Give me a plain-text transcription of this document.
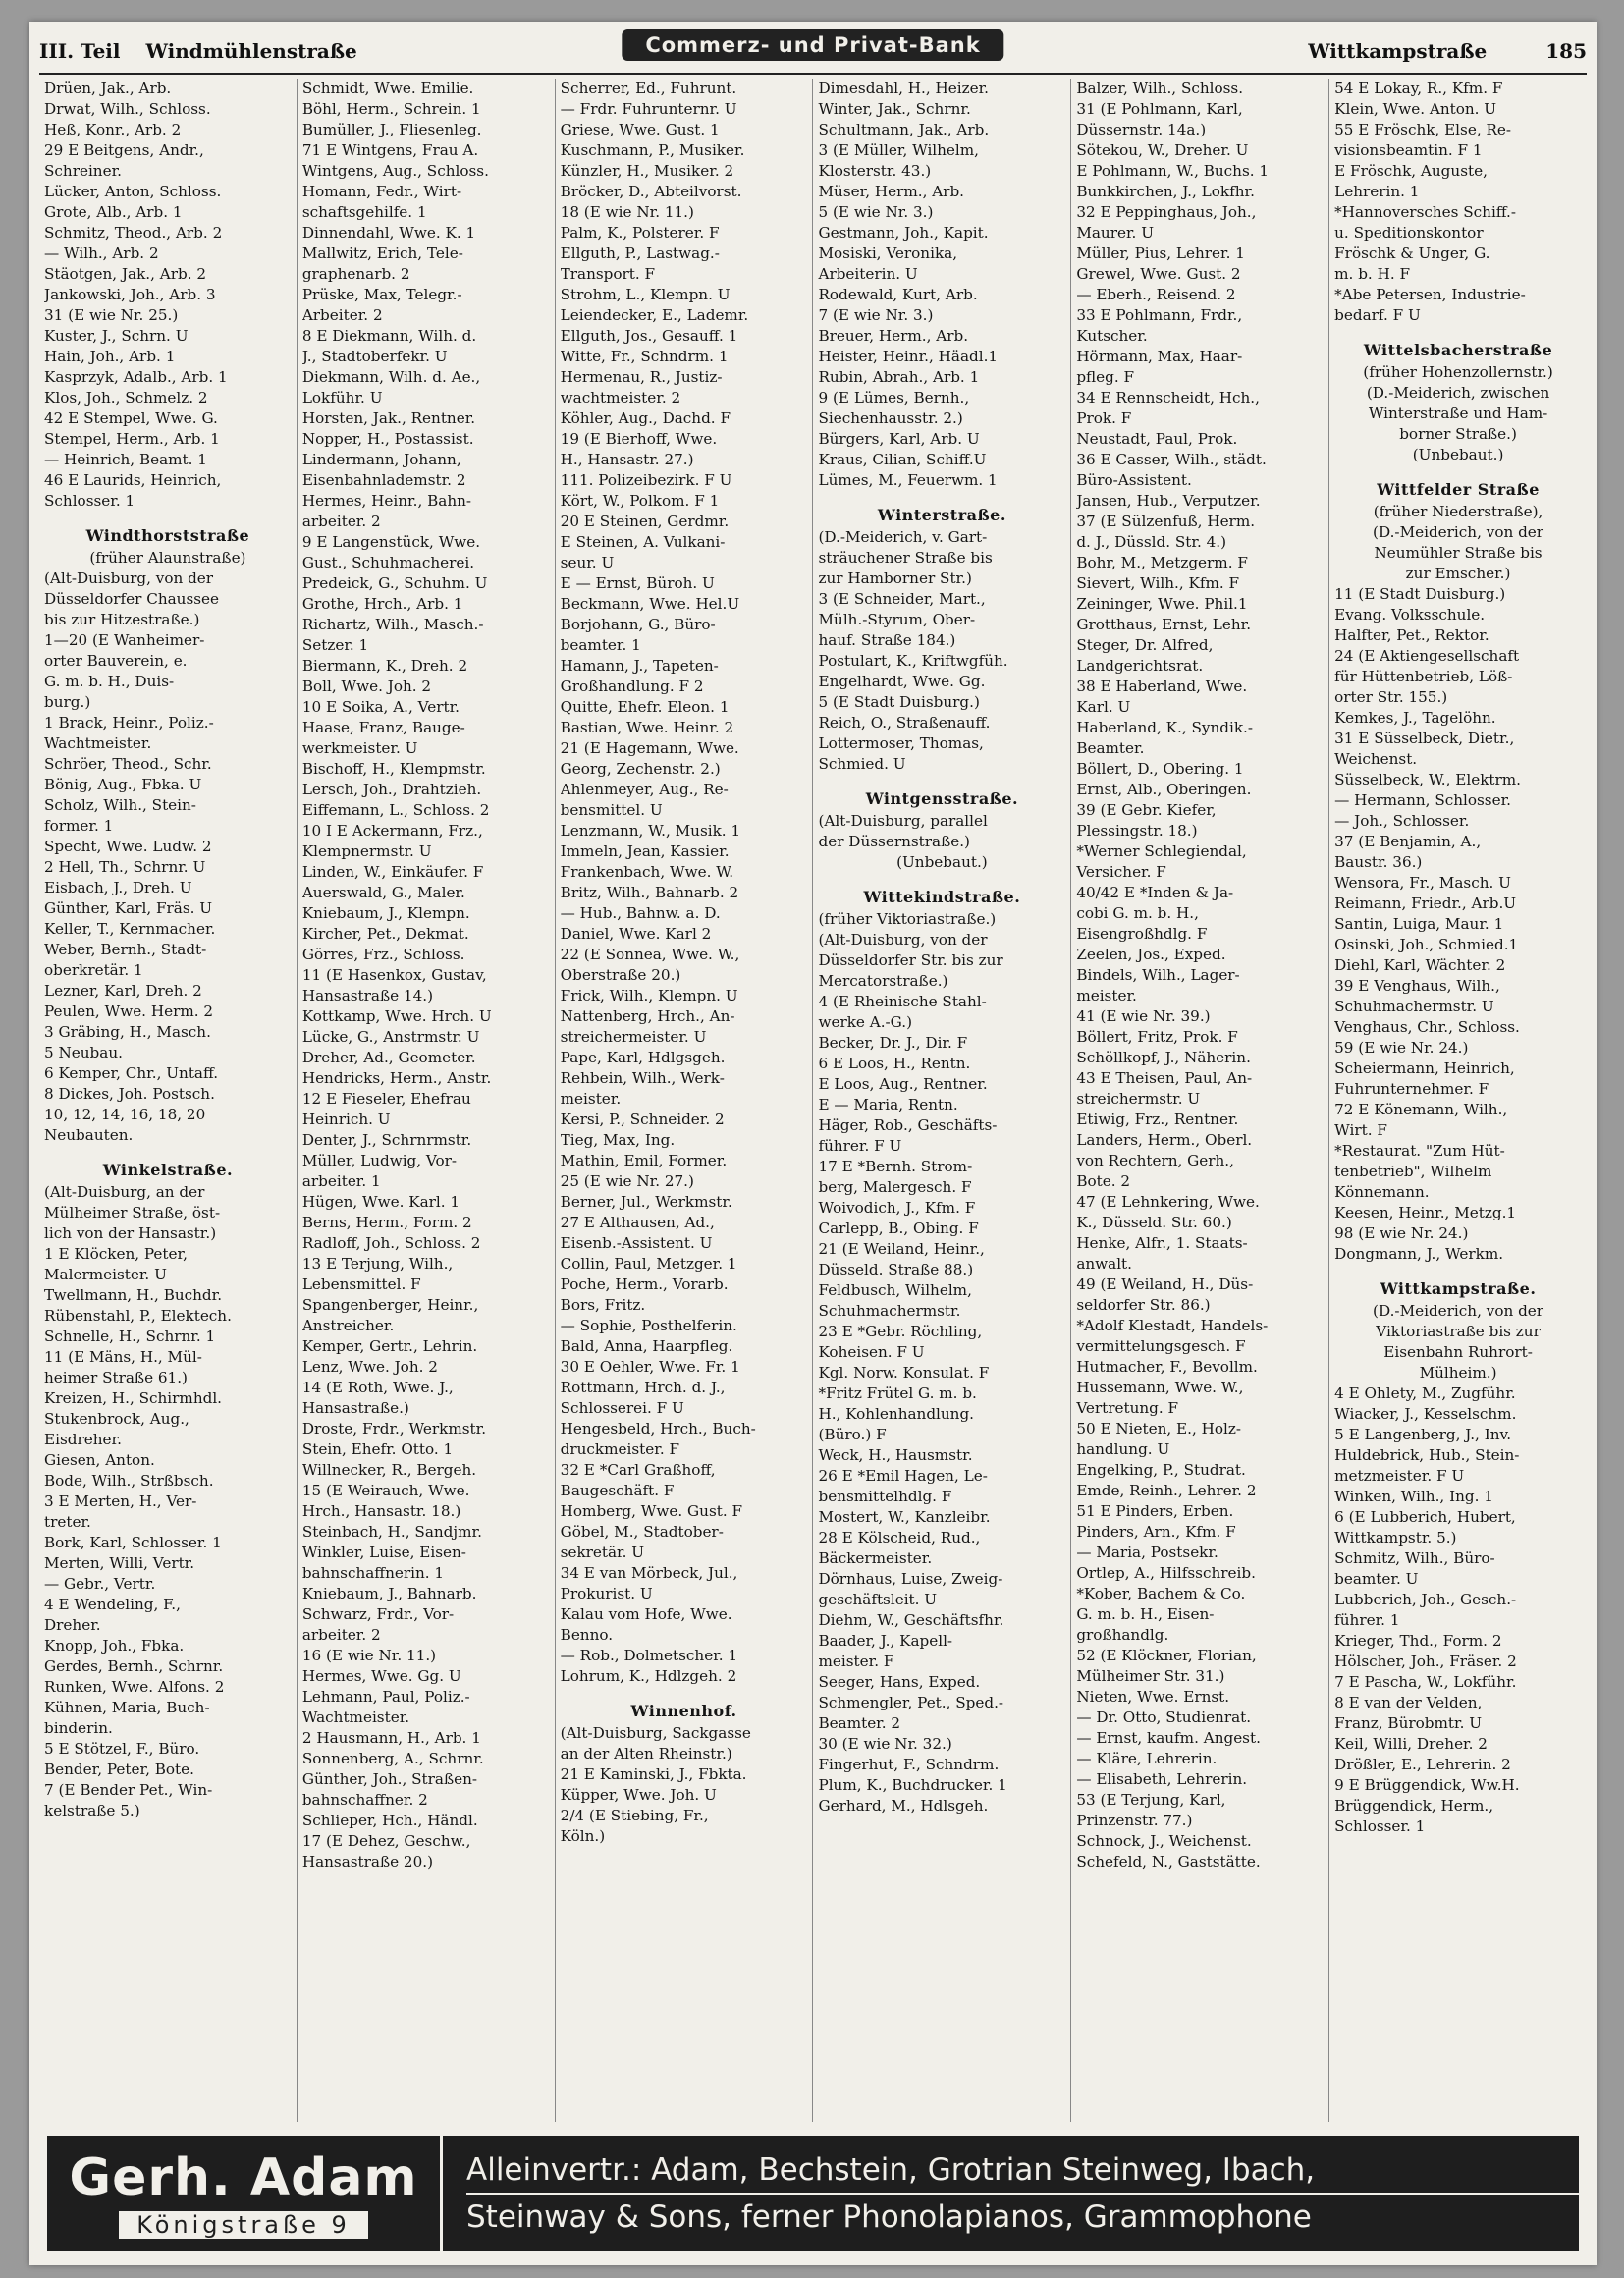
III. Teil Windmühlenstraße	Commerz- und Privat-Bank	Wittkampstraße	185
Drüen, Jak., Arb.
Drwat, Wilh., Schloss.
Heß, Konr., Arb. 2
29 E Beitgens, Andr.,
Schreiner.
Lücker, Anton, Schloss.
Grote, Alb., Arb. 1
Schmitz, Theod., Arb. 2
— Wilh., Arb. 2
Stäotgen, Jak., Arb. 2
Jankowski, Joh., Arb. 3
31 (E wie Nr. 25.)
Kuster, J., Schrn. U
Hain, Joh., Arb. 1
Kasprzyk, Adalb., Arb. 1
Klos, Joh., Schmelz. 2
42 E Stempel, Wwe. G.
Stempel, Herm., Arb. 1
— Heinrich, Beamt. 1
46 E Laurids, Heinrich,
Schlosser. 1
Windthorststraße
(früher Alaunstraße)
(Alt-Duisburg, von der
Düsseldorfer Chaussee
bis zur Hitzestraße.)
1—20 (E Wanheimer-
orter Bauverein, e.
G. m. b. H., Duis-
burg.)
1 Brack, Heinr., Poliz.-
Wachtmeister.
Schröer, Theod., Schr.
Bönig, Aug., Fbka. U
Scholz, Wilh., Stein-
former. 1
Specht, Wwe. Ludw. 2
2 Hell, Th., Schrnr. U
Eisbach, J., Dreh. U
Günther, Karl, Fräs. U
Keller, T., Kernmacher.
Weber, Bernh., Stadt-
oberkretär. 1
Lezner, Karl, Dreh. 2
Peulen, Wwe. Herm. 2
3 Gräbing, H., Masch.
5 Neubau.
6 Kemper, Chr., Untaff.
8 Dickes, Joh. Postsch.
10, 12, 14, 16, 18, 20
Neubauten.
Winkelstraße.
(Alt-Duisburg, an der
Mülheimer Straße, öst-
lich von der Hansastr.)
1 E Klöcken, Peter,
Malermeister. U
Twellmann, H., Buchdr.
Rübenstahl, P., Elektech.
Schnelle, H., Schrnr. 1
11 (E Mäns, H., Mül-
heimer Straße 61.)
Kreizen, H., Schirmhdl.
Stukenbrock, Aug.,
Eisdreher.
Giesen, Anton.
Bode, Wilh., Strßbsch.
3 E Merten, H., Ver-
treter.
Bork, Karl, Schlosser. 1
Merten, Willi, Vertr.
— Gebr., Vertr.
4 E Wendeling, F.,
Dreher.
Knopp, Joh., Fbka.
Gerdes, Bernh., Schrnr.
Runken, Wwe. Alfons. 2
Kühnen, Maria, Buch-
binderin.
5 E Stötzel, F., Büro.
Bender, Peter, Bote.
7 (E Bender Pet., Win-
kelstraße 5.)
Schmidt, Wwe. Emilie.
Böhl, Herm., Schrein. 1
Bumüller, J., Fliesenleg.
71 E Wintgens, Frau A.
Wintgens, Aug., Schloss.
Homann, Fedr., Wirt-
schaftsgehilfe. 1
Dinnendahl, Wwe. K. 1
Mallwitz, Erich, Tele-
graphenarb. 2
Prüske, Max, Telegr.-
Arbeiter. 2
8 E Diekmann, Wilh. d.
J., Stadtoberfekr. U
Diekmann, Wilh. d. Ae.,
Lokführ. U
Horsten, Jak., Rentner.
Nopper, H., Postassist.
Lindermann, Johann,
Eisenbahnlademstr. 2
Hermes, Heinr., Bahn-
arbeiter. 2
9 E Langenstück, Wwe.
Gust., Schuhmacherei.
Predeick, G., Schuhm. U
Grothe, Hrch., Arb. 1
Richartz, Wilh., Masch.-
Setzer. 1
Biermann, K., Dreh. 2
Boll, Wwe. Joh. 2
10 E Soika, A., Vertr.
Haase, Franz, Bauge-
werkmeister. U
Bischoff, H., Klempmstr.
Lersch, Joh., Drahtzieh.
Eiffemann, L., Schloss. 2
10 I E Ackermann, Frz.,
Klempnermstr. U
Linden, W., Einkäufer. F
Auerswald, G., Maler.
Kniebaum, J., Klempn.
Kircher, Pet., Dekmat.
Görres, Frz., Schloss.
11 (E Hasenkox, Gustav,
Hansastraße 14.)
Kottkamp, Wwe. Hrch. U
Lücke, G., Anstrmstr. U
Dreher, Ad., Geometer.
Hendricks, Herm., Anstr.
12 E Fieseler, Ehefrau
Heinrich. U
Denter, J., Schrnrmstr.
Müller, Ludwig, Vor-
arbeiter. 1
Hügen, Wwe. Karl. 1
Berns, Herm., Form. 2
Radloff, Joh., Schloss. 2
13 E Terjung, Wilh.,
Lebensmittel. F
Spangenberger, Heinr.,
Anstreicher.
Kemper, Gertr., Lehrin.
Lenz, Wwe. Joh. 2
14 (E Roth, Wwe. J.,
Hansastraße.)
Droste, Frdr., Werkmstr.
Stein, Ehefr. Otto. 1
Willnecker, R., Bergeh.
15 (E Weirauch, Wwe.
Hrch., Hansastr. 18.)
Steinbach, H., Sandjmr.
Winkler, Luise, Eisen-
bahnschaffnerin. 1
Kniebaum, J., Bahnarb.
Schwarz, Frdr., Vor-
arbeiter. 2
16 (E wie Nr. 11.)
Hermes, Wwe. Gg. U
Lehmann, Paul, Poliz.-
Wachtmeister.
2 Hausmann, H., Arb. 1
Sonnenberg, A., Schrnr.
Günther, Joh., Straßen-
bahnschaffner. 2
Schlieper, Hch., Händl.
17 (E Dehez, Geschw.,
Hansastraße 20.)
Scherrer, Ed., Fuhrunt.
— Frdr. Fuhrunternr. U
Griese, Wwe. Gust. 1
Kuschmann, P., Musiker.
Künzler, H., Musiker. 2
Bröcker, D., Abteilvorst.
18 (E wie Nr. 11.)
Palm, K., Polsterer. F
Ellguth, P., Lastwag.-
Transport. F
Strohm, L., Klempn. U
Leiendecker, E., Lademr.
Ellguth, Jos., Gesauff. 1
Witte, Fr., Schndrm. 1
Hermenau, R., Justiz-
wachtmeister. 2
Köhler, Aug., Dachd. F
19 (E Bierhoff, Wwe.
H., Hansastr. 27.)
111. Polizeibezirk. F U
Kört, W., Polkom. F 1
20 E Steinen, Gerdmr.
E Steinen, A. Vulkani-
seur. U
E — Ernst, Büroh. U
Beckmann, Wwe. Hel.U
Borjohann, G., Büro-
beamter. 1
Hamann, J., Tapeten-
Großhandlung. F 2
Quitte, Ehefr. Eleon. 1
Bastian, Wwe. Heinr. 2
21 (E Hagemann, Wwe.
Georg, Zechenstr. 2.)
Ahlenmeyer, Aug., Re-
bensmittel. U
Lenzmann, W., Musik. 1
Immeln, Jean, Kassier.
Frankenbach, Wwe. W.
Britz, Wilh., Bahnarb. 2
— Hub., Bahnw. a. D.
Daniel, Wwe. Karl 2
22 (E Sonnea, Wwe. W.,
Oberstraße 20.)
Frick, Wilh., Klempn. U
Nattenberg, Hrch., An-
streichermeister. U
Pape, Karl, Hdlgsgeh.
Rehbein, Wilh., Werk-
meister.
Kersi, P., Schneider. 2
Tieg, Max, Ing.
Mathin, Emil, Former.
25 (E wie Nr. 27.)
Berner, Jul., Werkmstr.
27 E Althausen, Ad.,
Eisenb.-Assistent. U
Collin, Paul, Metzger. 1
Poche, Herm., Vorarb.
Bors, Fritz.
— Sophie, Posthelferin.
Bald, Anna, Haarpfleg.
30 E Oehler, Wwe. Fr. 1
Rottmann, Hrch. d. J.,
Schlosserei. F U
Hengesbeld, Hrch., Buch-
druckmeister. F
32 E *Carl Graßhoff,
Baugeschäft. F
Homberg, Wwe. Gust. F
Göbel, M., Stadtober-
sekretär. U
34 E van Mörbeck, Jul.,
Prokurist. U
Kalau vom Hofe, Wwe.
Benno.
— Rob., Dolmetscher. 1
Lohrum, K., Hdlzgeh. 2
Winnenhof.
(Alt-Duisburg, Sackgasse
an der Alten Rheinstr.)
21 E Kaminski, J., Fbkta.
Küpper, Wwe. Joh. U
2/4 (E Stiebing, Fr.,
Köln.)
Dimesdahl, H., Heizer.
Winter, Jak., Schrnr.
Schultmann, Jak., Arb.
3 (E Müller, Wilhelm,
Klosterstr. 43.)
Müser, Herm., Arb.
5 (E wie Nr. 3.)
Gestmann, Joh., Kapit.
Mosiski, Veronika,
Arbeiterin. U
Rodewald, Kurt, Arb.
7 (E wie Nr. 3.)
Breuer, Herm., Arb.
Heister, Heinr., Häadl.1
Rubin, Abrah., Arb. 1
9 (E Lümes, Bernh.,
Siechenhausstr. 2.)
Bürgers, Karl, Arb. U
Kraus, Cilian, Schiff.U
Lümes, M., Feuerwm. 1
Winterstraße.
(D.-Meiderich, v. Gart-
sträuchener Straße bis
zur Hamborner Str.)
3 (E Schneider, Mart.,
Mülh.-Styrum, Ober-
hauf. Straße 184.)
Postulart, K., Kriftwgfüh.
Engelhardt, Wwe. Gg.
5 (E Stadt Duisburg.)
Reich, O., Straßenauff.
Lottermoser, Thomas,
Schmied. U
Wintgensstraße.
(Alt-Duisburg, parallel
der Düssernstraße.)
(Unbebaut.)
Wittekindstraße.
(früher Viktoriastraße.)
(Alt-Duisburg, von der
Düsseldorfer Str. bis zur
Mercatorstraße.)
4 (E Rheinische Stahl-
werke A.-G.)
Becker, Dr. J., Dir. F
6 E Loos, H., Rentn.
E Loos, Aug., Rentner.
E — Maria, Rentn.
Häger, Rob., Geschäfts-
führer. F U
17 E *Bernh. Strom-
berg, Malergesch. F
Woivodich, J., Kfm. F
Carlepp, B., Obing. F
21 (E Weiland, Heinr.,
Düsseld. Straße 88.)
Feldbusch, Wilhelm,
Schuhmachermstr.
23 E *Gebr. Röchling,
Koheisen. F U
Kgl. Norw. Konsulat. F
*Fritz Frütel G. m. b.
H., Kohlenhandlung.
(Büro.) F
Weck, H., Hausmstr.
26 E *Emil Hagen, Le-
bensmittelhdlg. F
Mostert, W., Kanzleibr.
28 E Kölscheid, Rud.,
Bäckermeister.
Dörnhaus, Luise, Zweig-
geschäftsleit. U
Diehm, W., Geschäftsfhr.
Baader, J., Kapell-
meister. F
Seeger, Hans, Exped.
Schmengler, Pet., Sped.-
Beamter. 2
30 (E wie Nr. 32.)
Fingerhut, F., Schndrm.
Plum, K., Buchdrucker. 1
Gerhard, M., Hdlsgeh.
Balzer, Wilh., Schloss.
31 (E Pohlmann, Karl,
Düssernstr. 14a.)
Sötekou, W., Dreher. U
E Pohlmann, W., Buchs. 1
Bunkkirchen, J., Lokfhr.
32 E Peppinghaus, Joh.,
Maurer. U
Müller, Pius, Lehrer. 1
Grewel, Wwe. Gust. 2
— Eberh., Reisend. 2
33 E Pohlmann, Frdr.,
Kutscher.
Hörmann, Max, Haar-
pfleg. F
34 E Rennscheidt, Hch.,
Prok. F
Neustadt, Paul, Prok.
36 E Casser, Wilh., städt.
Büro-Assistent.
Jansen, Hub., Verputzer.
37 (E Sülzenfuß, Herm.
d. J., Düssld. Str. 4.)
Bohr, M., Metzgerm. F
Sievert, Wilh., Kfm. F
Zeininger, Wwe. Phil.1
Grotthaus, Ernst, Lehr.
Steger, Dr. Alfred,
Landgerichtsrat.
38 E Haberland, Wwe.
Karl. U
Haberland, K., Syndik.-
Beamter.
Böllert, D., Obering. 1
Ernst, Alb., Oberingen.
39 (E Gebr. Kiefer,
Plessingstr. 18.)
*Werner Schlegiendal,
Versicher. F
40/42 E *Inden & Ja-
cobi G. m. b. H.,
Eisengroßhdlg. F
Zeelen, Jos., Exped.
Bindels, Wilh., Lager-
meister.
41 (E wie Nr. 39.)
Böllert, Fritz, Prok. F
Schöllkopf, J., Näherin.
43 E Theisen, Paul, An-
streichermstr. U
Etiwig, Frz., Rentner.
Landers, Herm., Oberl.
von Rechtern, Gerh.,
Bote. 2
47 (E Lehnkering, Wwe.
K., Düsseld. Str. 60.)
Henke, Alfr., 1. Staats-
anwalt.
49 (E Weiland, H., Düs-
seldorfer Str. 86.)
*Adolf Klestadt, Handels-
vermittelungsgesch. F
Hutmacher, F., Bevollm.
Hussemann, Wwe. W.,
Vertretung. F
50 E Nieten, E., Holz-
handlung. U
Engelking, P., Studrat.
Emde, Reinh., Lehrer. 2
51 E Pinders, Erben.
Pinders, Arn., Kfm. F
— Maria, Postsekr.
Ortlep, A., Hilfsschreib.
*Kober, Bachem & Co.
G. m. b. H., Eisen-
großhandlg.
52 (E Klöckner, Florian,
Mülheimer Str. 31.)
Nieten, Wwe. Ernst.
— Dr. Otto, Studienrat.
— Ernst, kaufm. Angest.
— Kläre, Lehrerin.
— Elisabeth, Lehrerin.
53 (E Terjung, Karl,
Prinzenstr. 77.)
Schnock, J., Weichenst.
Schefeld, N., Gaststätte.
54 E Lokay, R., Kfm. F
Klein, Wwe. Anton. U
55 E Fröschk, Else, Re-
visionsbeamtin. F 1
E Fröschk, Auguste,
Lehrerin. 1
*Hannoversches Schiff.-
u. Speditionskontor
Fröschk & Unger, G.
m. b. H. F
*Abe Petersen, Industrie-
bedarf. F U
Wittelsbacherstraße
(früher Hohenzollernstr.)
(D.-Meiderich, zwischen
Winterstraße und Ham-
borner Straße.)
(Unbebaut.)
Wittfelder Straße
(früher Niederstraße),
(D.-Meiderich, von der
Neumühler Straße bis
zur Emscher.)
11 (E Stadt Duisburg.)
Evang. Volksschule.
Halfter, Pet., Rektor.
24 (E Aktiengesellschaft
für Hüttenbetrieb, Löß-
orter Str. 155.)
Kemkes, J., Tagelöhn.
31 E Süsselbeck, Dietr.,
Weichenst.
Süsselbeck, W., Elektrm.
— Hermann, Schlosser.
— Joh., Schlosser.
37 (E Benjamin, A.,
Baustr. 36.)
Wensora, Fr., Masch. U
Reimann, Friedr., Arb.U
Santin, Luiga, Maur. 1
Osinski, Joh., Schmied.1
Diehl, Karl, Wächter. 2
39 E Venghaus, Wilh.,
Schuhmachermstr. U
Venghaus, Chr., Schloss.
59 (E wie Nr. 24.)
Scheiermann, Heinrich,
Fuhrunternehmer. F
72 E Könemann, Wilh.,
Wirt. F
*Restaurat. "Zum Hüt-
tenbetrieb", Wilhelm
Könnemann.
Keesen, Heinr., Metzg.1
98 (E wie Nr. 24.)
Dongmann, J., Werkm.
Wittkampstraße.
(D.-Meiderich, von der
Viktoriastraße bis zur
Eisenbahn Ruhrort-
Mülheim.)
4 E Ohlety, M., Zugführ.
Wiacker, J., Kesselschm.
5 E Langenberg, J., Inv.
Huldebrick, Hub., Stein-
metzmeister. F U
Winken, Wilh., Ing. 1
6 (E Lubberich, Hubert,
Wittkampstr. 5.)
Schmitz, Wilh., Büro-
beamter. U
Lubberich, Joh., Gesch.-
führer. 1
Krieger, Thd., Form. 2
Hölscher, Joh., Fräser. 2
7 E Pascha, W., Lokführ.
8 E van der Velden,
Franz, Bürobmtr. U
Keil, Willi, Dreher. 2
Drößler, E., Lehrerin. 2
9 E Brüggendick, Ww.H.
Brüggendick, Herm.,
Schlosser. 1
Gerh. Adam
Königstraße 9
Alleinvertr.: Adam, Bechstein, Grotrian Steinweg, Ibach,
Steinway & Sons, ferner Phonolapianos, Grammophone
